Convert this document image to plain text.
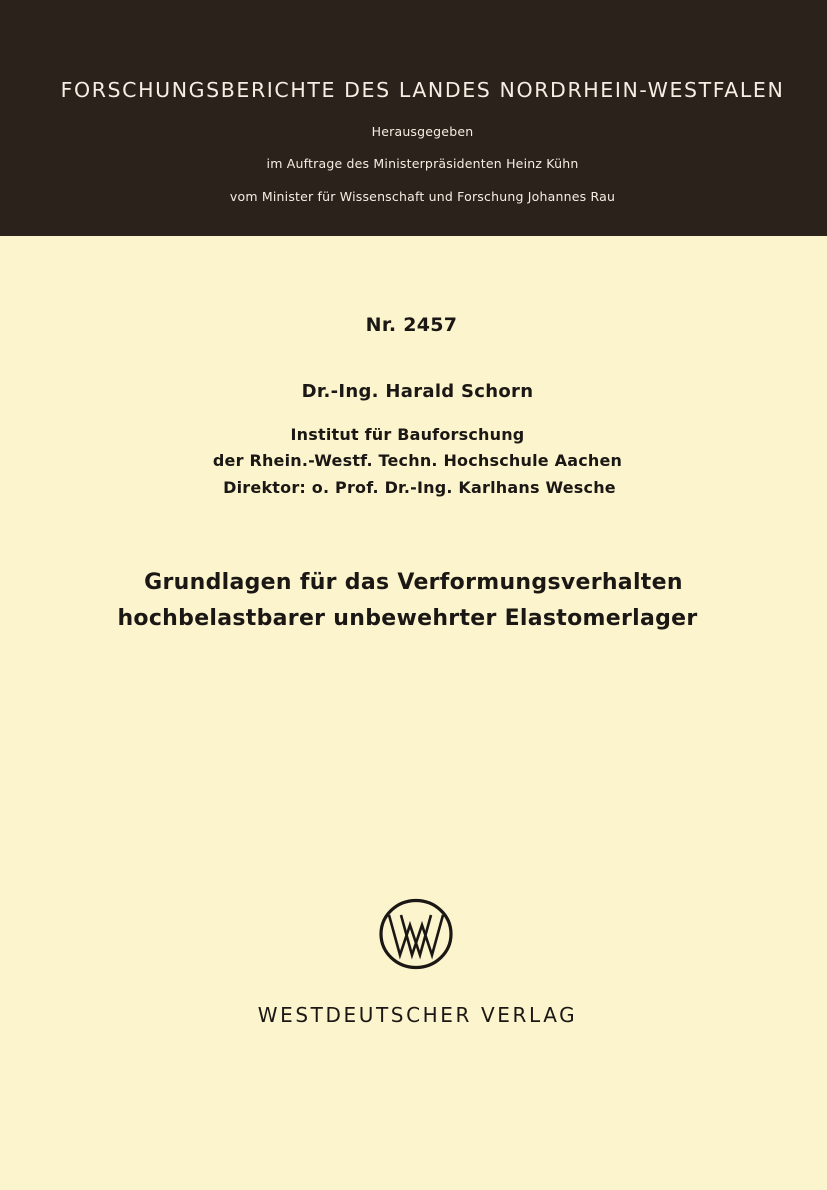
FORSCHUNGSBERICHTE DES LANDES NORDRHEIN-WESTFALEN
Herausgegeben
im Auftrage des Ministerpräsidenten Heinz Kühn
vom Minister für Wissenschaft und Forschung Johannes Rau
Nr. 2457
Dr.-Ing. Harald Schorn
Institut für Bauforschung
der Rhein.-Westf. Techn. Hochschule Aachen
Direktor: o. Prof. Dr.-Ing. Karlhans Wesche
Grundlagen für das Verformungsverhalten
hochbelastbarer unbewehrter Elastomerlager
WESTDEUTSCHER VERLAG
